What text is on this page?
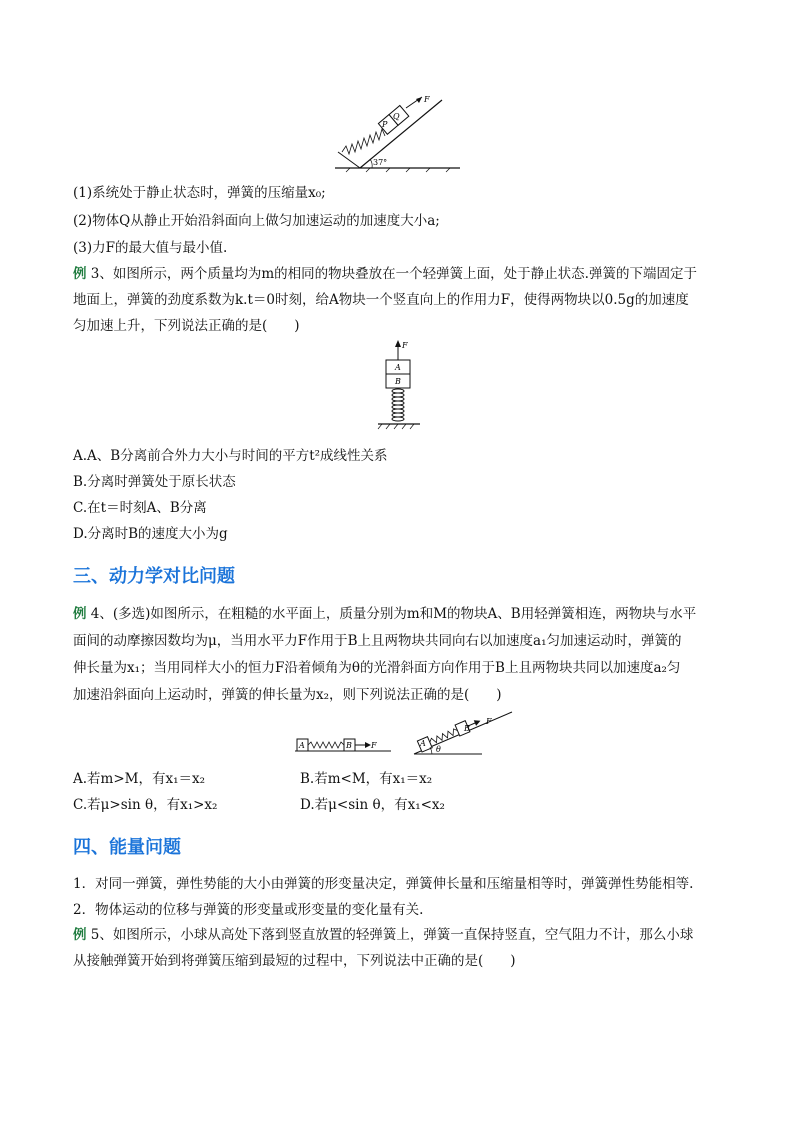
P
Q
F
37°
(1)系统处于静止状态时，弹簧的压缩量x₀;
(2)物体Q从静止开始沿斜面向上做匀加速运动的加速度大小a;
(3)力F的最大值与最小值.
例 3、如图所示，两个质量均为m的相同的物块叠放在一个轻弹簧上面，处于静止状态.弹簧的下端固定于
地面上，弹簧的劲度系数为k.t＝0时刻，给A物块一个竖直向上的作用力F，使得两物块以0.5g的加速度
匀加速上升，下列说法正确的是(　　)
F
A
B
A.A、B分离前合外力大小与时间的平方t²成线性关系
B.分离时弹簧处于原长状态
C.在t＝时刻A、B分离
D.分离时B的速度大小为g
三、动力学对比问题
例 4、(多选)如图所示，在粗糙的水平面上，质量分别为m和M的物块A、B用轻弹簧相连，两物块与水平
面间的动摩擦因数均为μ，当用水平力F作用于B上且两物块共同向右以加速度a₁匀加速运动时，弹簧的
伸长量为x₁；当用同样大小的恒力F沿着倾角为θ的光滑斜面方向作用于B上且两物块共同以加速度a₂匀
加速沿斜面向上运动时，弹簧的伸长量为x₂，则下列说法正确的是(　　)
A	B F	A
B
F
θ
A.若m>M，有x₁＝x₂	B.若m<M，有x₁＝x₂
C.若μ>sin θ，有x₁>x₂	D.若μ<sin θ，有x₁<x₂
四、能量问题
1．对同一弹簧，弹性势能的大小由弹簧的形变量决定，弹簧伸长量和压缩量相等时，弹簧弹性势能相等.
2．物体运动的位移与弹簧的形变量或形变量的变化量有关.
例 5、如图所示，小球从高处下落到竖直放置的轻弹簧上，弹簧一直保持竖直，空气阻力不计，那么小球
从接触弹簧开始到将弹簧压缩到最短的过程中，下列说法中正确的是(　　)
